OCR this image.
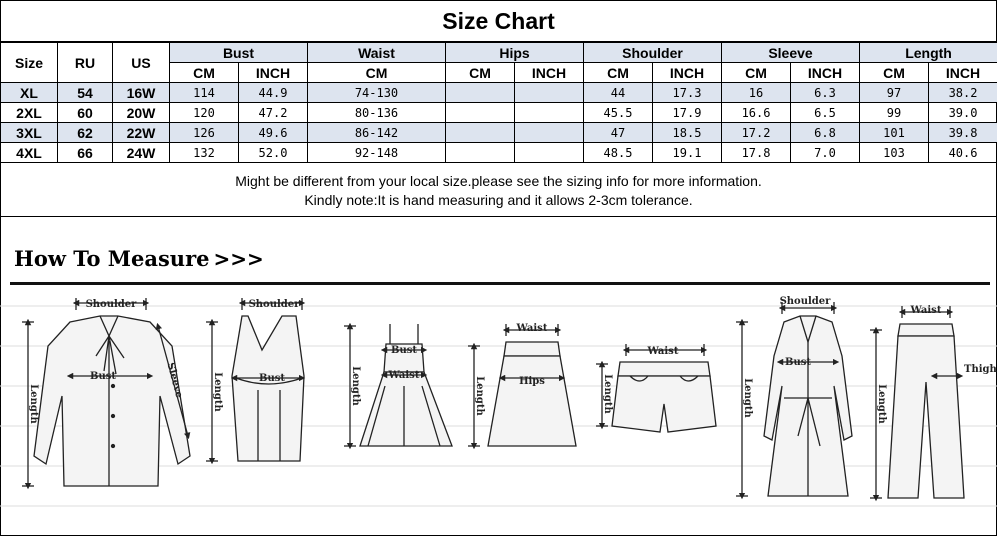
Size Chart
Size	RU	US	Bust		Waist	Hips		Shoulder		Sleeve		Length	
			CM	INCH	CM	CM	INCH	CM	INCH	CM	INCH	CM	INCH
XL	54	16W	114	44.9	74-130			44	17.3	16	6.3	97	38.2
2XL	60	20W	120	47.2	80-136			45.5	17.9	16.6	6.5	99	39.0
3XL	62	22W	126	49.6	86-142			47	18.5	17.2	6.8	101	39.8
4XL	66	24W	132	52.0	92-148			48.5	19.1	17.8	7.0	103	40.6
Might be different from your local size.please see the sizing info for more information.
Kindly note:It is hand measuring and it allows 2-3cm tolerance.
How To Measure >>>
Shoulder
Bust
Length
Sleeve
Shoulder
Bust
Length
Bust
Waist
Length
Waist
Hips
Length
Waist
Length
Shoulder
Bust
Length
Waist
Thigh
Length
